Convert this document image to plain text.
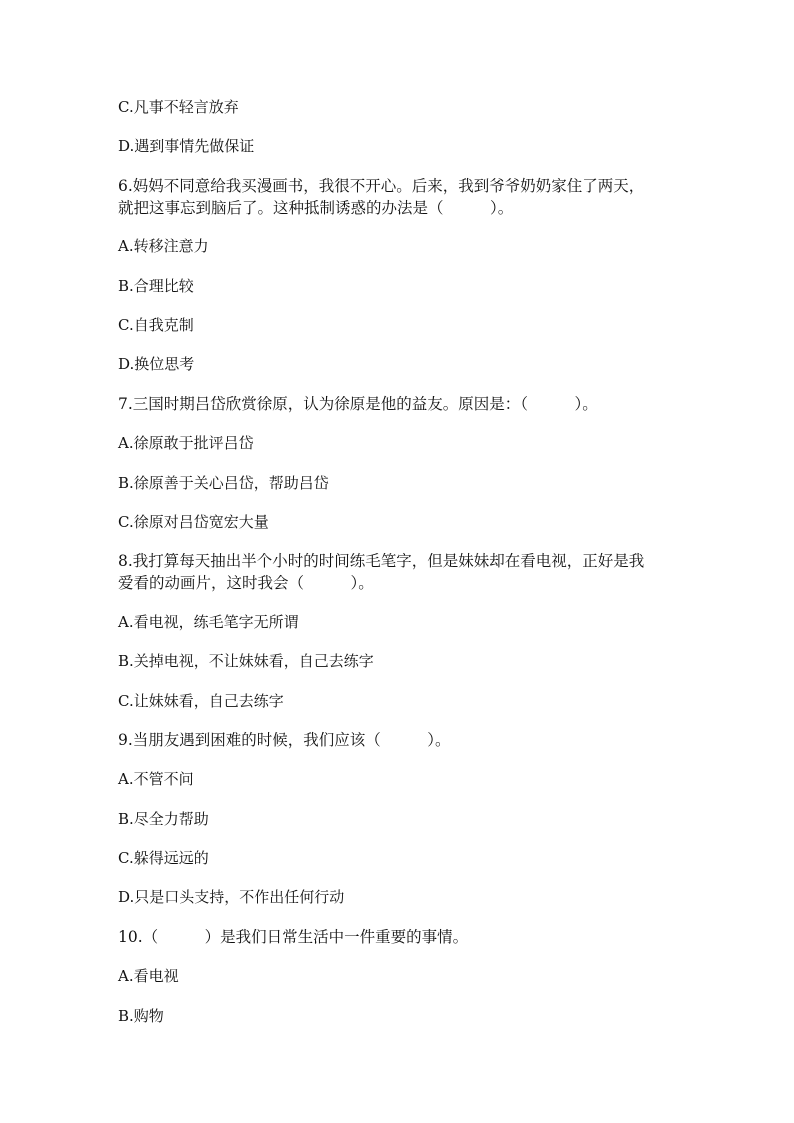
C.凡事不轻言放弃
D.遇到事情先做保证
6.妈妈不同意给我买漫画书，我很不开心。后来，我到爷爷奶奶家住了两天，
就把这事忘到脑后了。这种抵制诱惑的办法是（　　　）。
A.转移注意力
B.合理比较
C.自我克制
D.换位思考
7.三国时期吕岱欣赏徐原，认为徐原是他的益友。原因是：（　　　）。
A.徐原敢于批评吕岱
B.徐原善于关心吕岱，帮助吕岱
C.徐原对吕岱宽宏大量
8.我打算每天抽出半个小时的时间练毛笔字，但是妹妹却在看电视，正好是我
爱看的动画片，这时我会（　　　）。
A.看电视，练毛笔字无所谓
B.关掉电视，不让妹妹看，自己去练字
C.让妹妹看，自己去练字
9.当朋友遇到困难的时候，我们应该（　　　）。
A.不管不问
B.尽全力帮助
C.躲得远远的
D.只是口头支持，不作出任何行动
10.（　　　）是我们日常生活中一件重要的事情。
A.看电视
B.购物
